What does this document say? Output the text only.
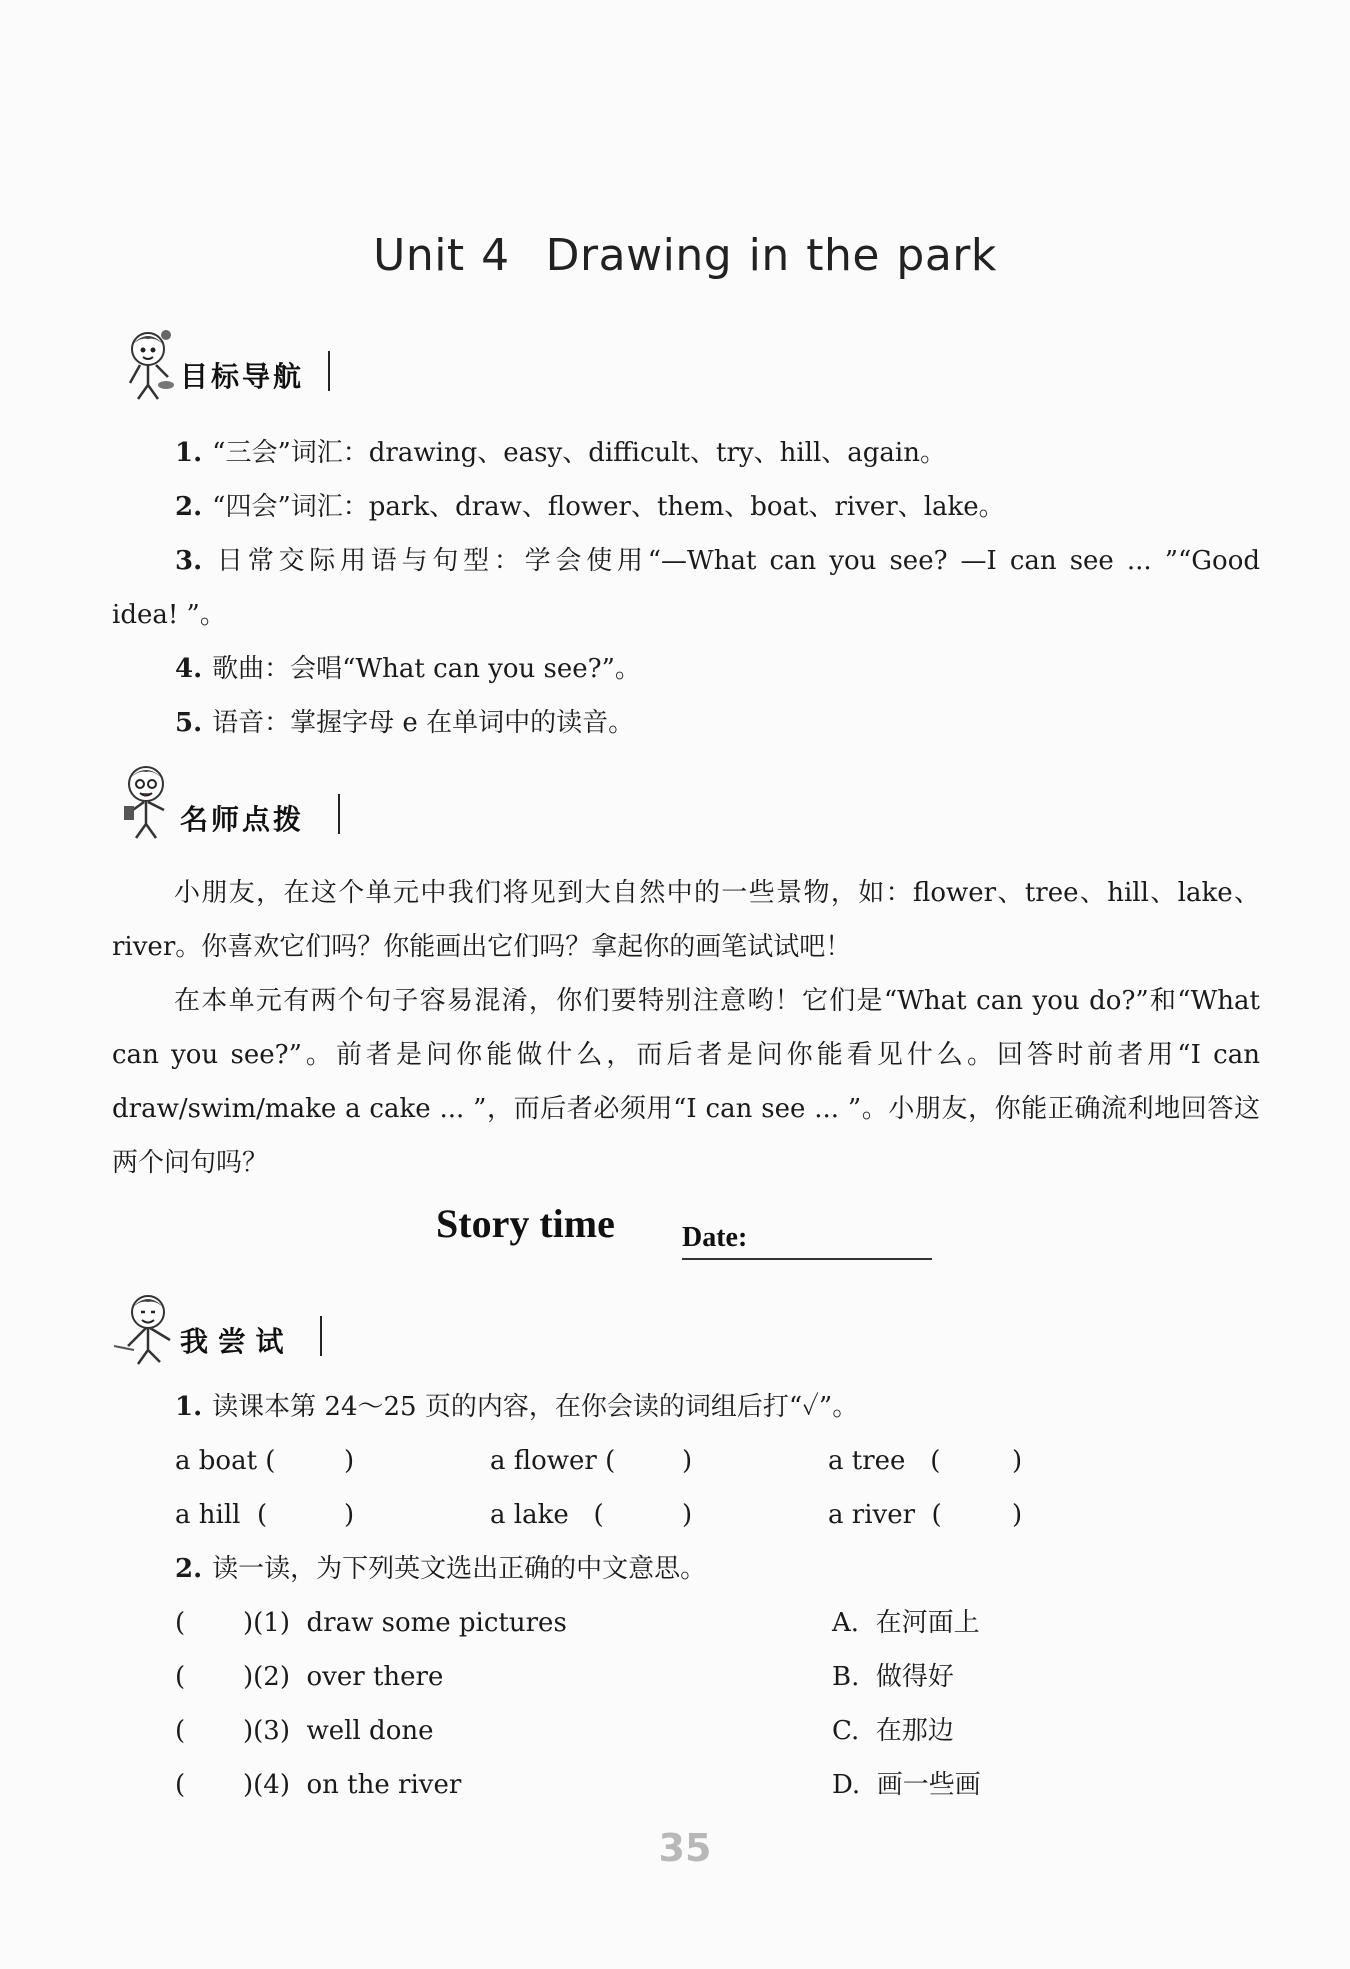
Unit 4 Drawing in the park
目标导航
1. “三会”词汇：drawing、easy、difficult、try、hill、again。
2. “四会”词汇：park、draw、flower、them、boat、river、lake。
3. 日常交际用语与句型：学会使用“—What can you see? —I can see ... ”“Good
idea! ”。
4. 歌曲：会唱“What can you see?”。
5. 语音：掌握字母 e 在单词中的读音。
名师点拨
小朋友，在这个单元中我们将见到大自然中的一些景物，如：flower、tree、hill、lake、river。你喜欢它们吗？你能画出它们吗？拿起你的画笔试试吧！
在本单元有两个句子容易混淆，你们要特别注意哟！它们是“What can you do?”和“What can you see?”。前者是问你能做什么，而后者是问你能看见什么。回答时前者用“I can draw/swim/make a cake ... ”，而后者必须用“I can see ... ”。小朋友，你能正确流利地回答这两个问句吗？
Story time Date:
我 尝 试
1. 读课本第 24～25 页的内容，在你会读的词组后打“✓”。
a boat (	)	a flower (	)	a tree   (	)
a hill  (	)	a lake   (	)	a river  (	)
2. 读一读，为下列英文选出正确的中文意思。
(       )(1) draw some pictures	A. 在河面上
(       )(2) over there	B. 做得好
(       )(3) well done	C. 在那边
(       )(4) on the river	D. 画一些画
35
